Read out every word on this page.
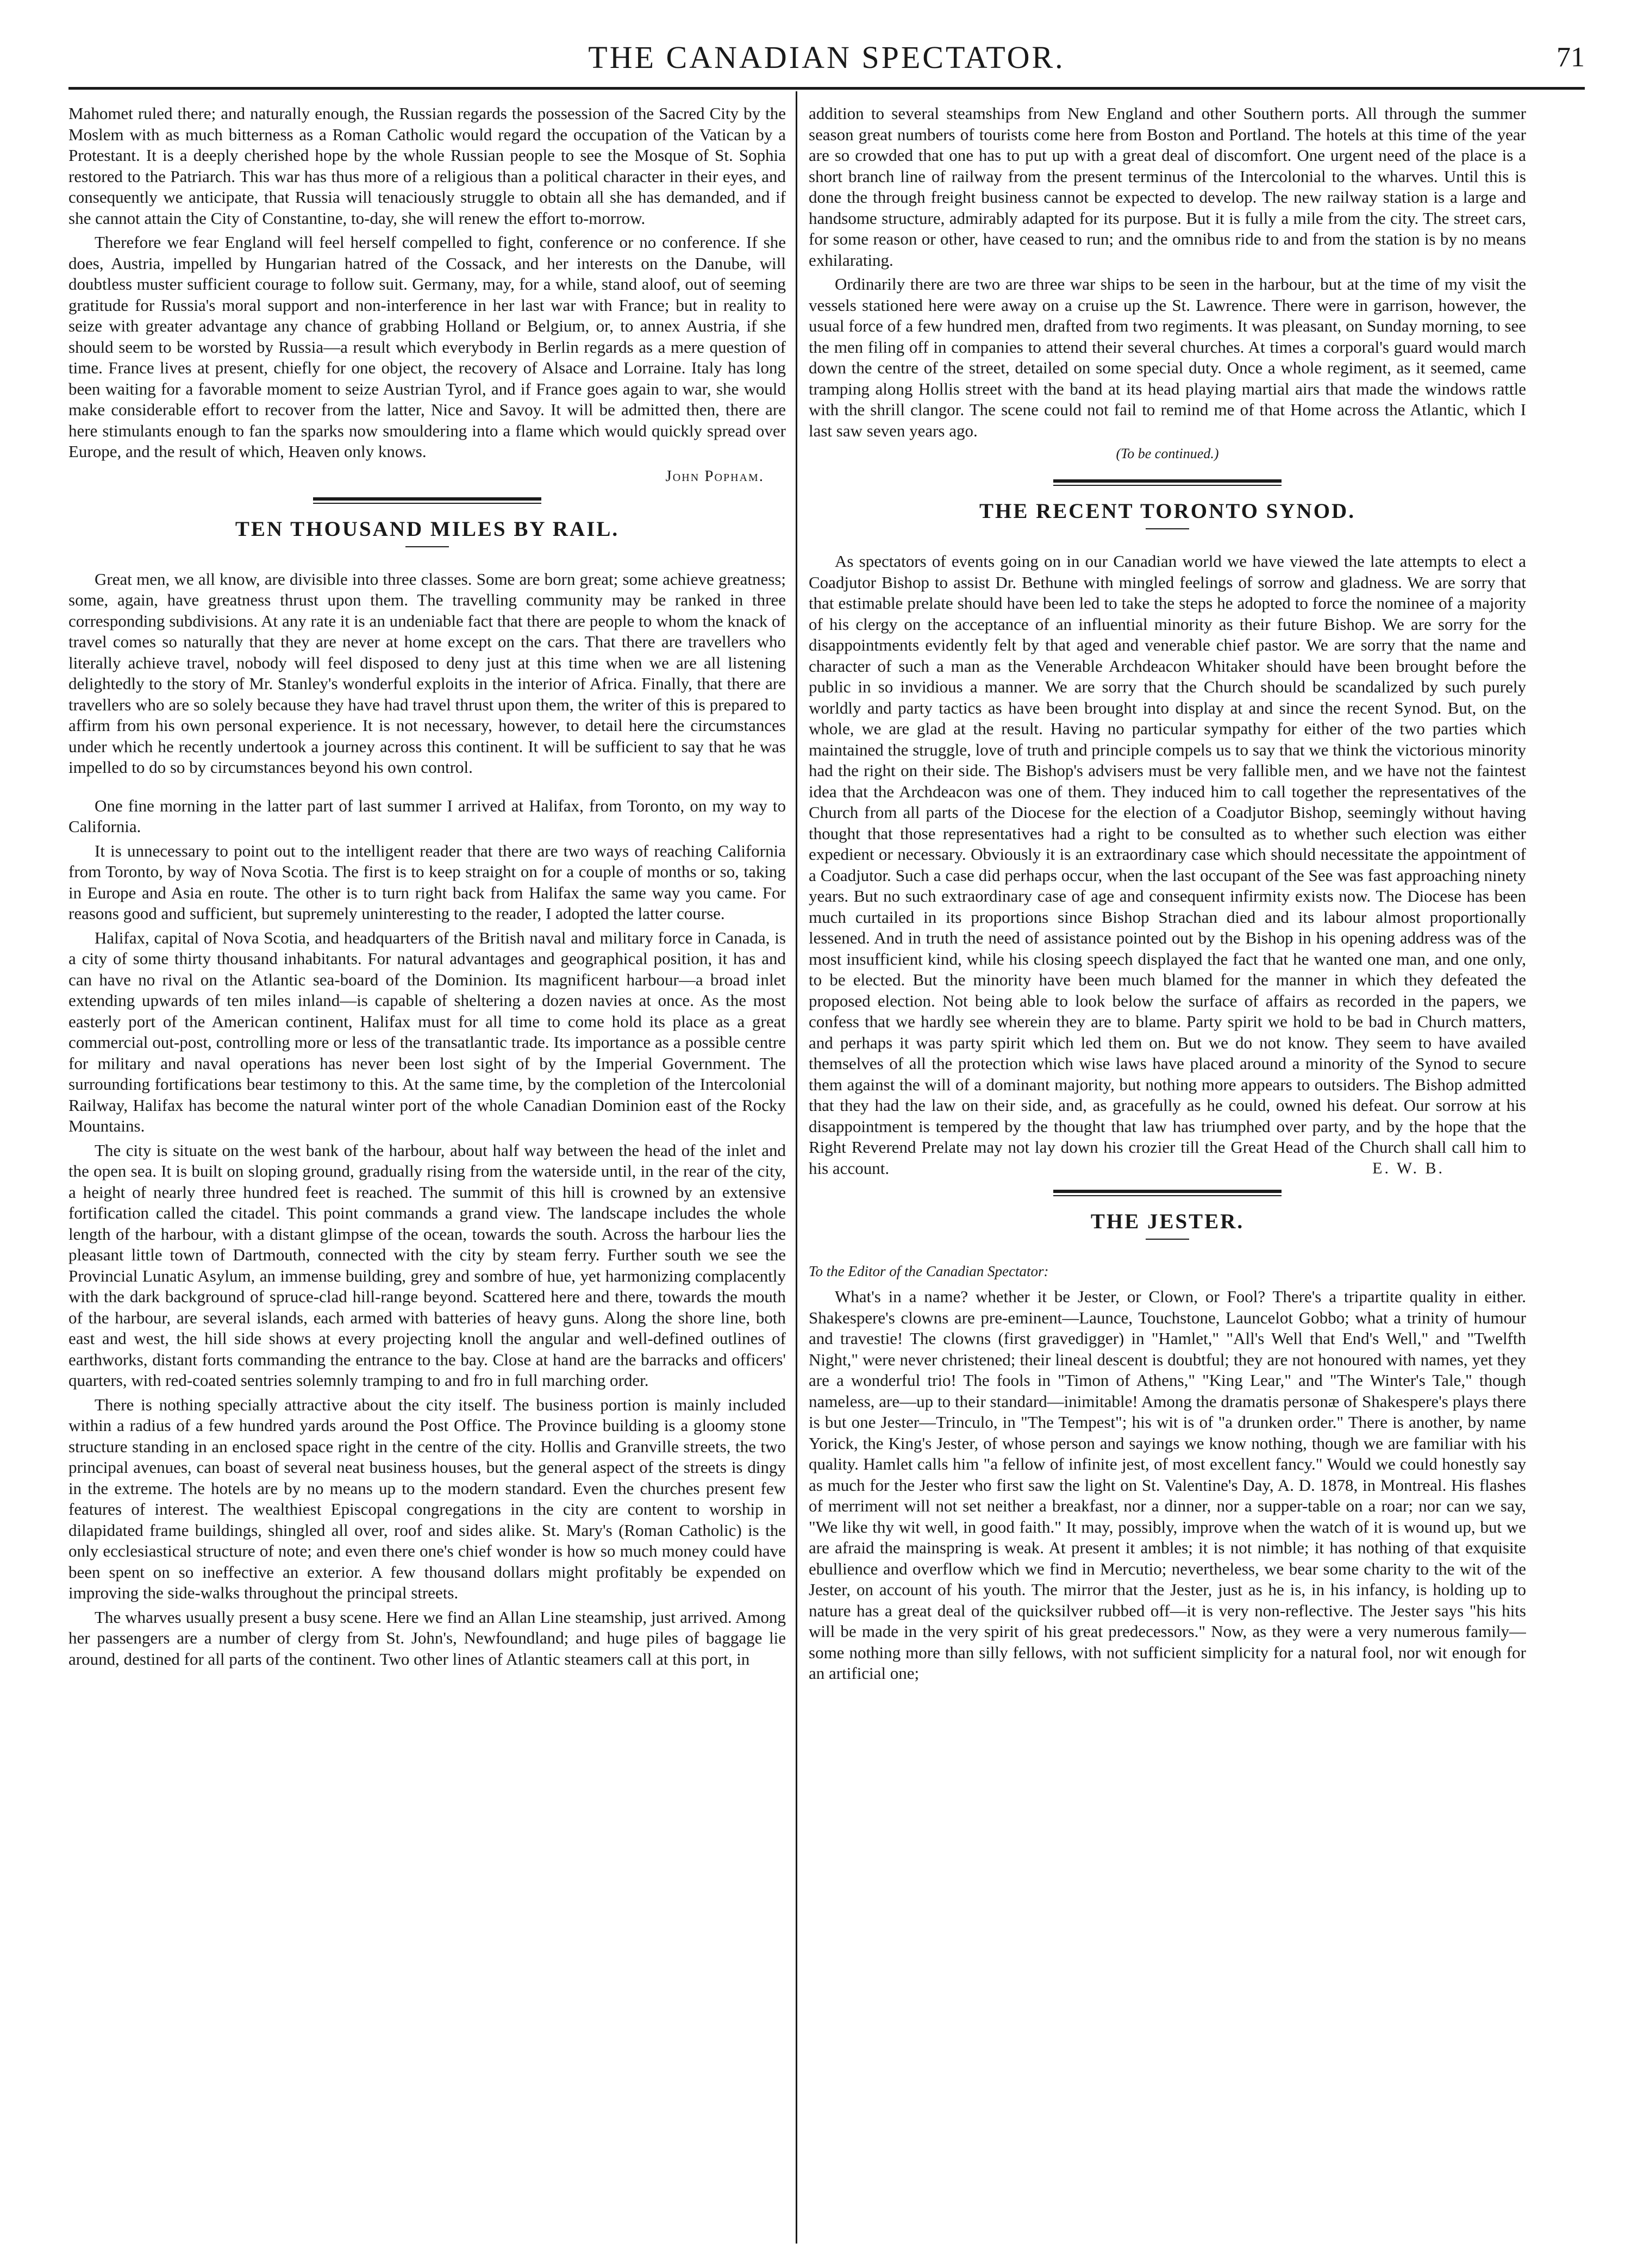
THE CANADIAN SPECTATOR.	71

Mahomet ruled there; and naturally enough, the Russian regards the possession of the Sacred City by the Moslem with as much bitterness as a Roman Catholic would regard the occupation of the Vatican by a Protestant. It is a deeply cherished hope by the whole Russian people to see the Mosque of St. Sophia restored to the Patriarch. This war has thus more of a religious than a political character in their eyes, and consequently we anticipate, that Russia will tenaciously struggle to obtain all she has demanded, and if she cannot attain the City of Constantine, to-day, she will renew the effort to-morrow.

Therefore we fear England will feel herself compelled to fight, conference or no conference. If she does, Austria, impelled by Hungarian hatred of the Cossack, and her interests on the Danube, will doubtless muster sufficient courage to follow suit. Germany, may, for a while, stand aloof, out of seeming gratitude for Russia's moral support and non-interference in her last war with France; but in reality to seize with greater advantage any chance of grabbing Holland or Belgium, or, to annex Austria, if she should seem to be worsted by Russia—a result which everybody in Berlin regards as a mere question of time. France lives at present, chiefly for one object, the recovery of Alsace and Lorraine. Italy has long been waiting for a favorable moment to seize Austrian Tyrol, and if France goes again to war, she would make considerable effort to recover from the latter, Nice and Savoy. It will be admitted then, there are here stimulants enough to fan the sparks now smouldering into a flame which would quickly spread over Europe, and the result of which, Heaven only knows.

John Popham.
TEN THOUSAND MILES BY RAIL.

Great men, we all know, are divisible into three classes. Some are born great; some achieve greatness; some, again, have greatness thrust upon them. The travelling community may be ranked in three corresponding subdivisions. At any rate it is an undeniable fact that there are people to whom the knack of travel comes so naturally that they are never at home except on the cars. That there are travellers who literally achieve travel, nobody will feel disposed to deny just at this time when we are all listening delightedly to the story of Mr. Stanley's wonderful exploits in the interior of Africa. Finally, that there are travellers who are so solely because they have had travel thrust upon them, the writer of this is prepared to affirm from his own personal experience. It is not necessary, however, to detail here the circumstances under which he recently undertook a journey across this continent. It will be sufficient to say that he was impelled to do so by circumstances beyond his own control.

One fine morning in the latter part of last summer I arrived at Halifax, from Toronto, on my way to California.

It is unnecessary to point out to the intelligent reader that there are two ways of reaching California from Toronto, by way of Nova Scotia. The first is to keep straight on for a couple of months or so, taking in Europe and Asia en route. The other is to turn right back from Halifax the same way you came. For reasons good and sufficient, but supremely uninteresting to the reader, I adopted the latter course.

Halifax, capital of Nova Scotia, and headquarters of the British naval and military force in Canada, is a city of some thirty thousand inhabitants. For natural advantages and geographical position, it has and can have no rival on the Atlantic sea-board of the Dominion. Its magnificent harbour—a broad inlet extending upwards of ten miles inland—is capable of sheltering a dozen navies at once. As the most easterly port of the American continent, Halifax must for all time to come hold its place as a great commercial out-post, controlling more or less of the transatlantic trade. Its importance as a possible centre for military and naval operations has never been lost sight of by the Imperial Government. The surrounding fortifications bear testimony to this. At the same time, by the completion of the Intercolonial Railway, Halifax has become the natural winter port of the whole Canadian Dominion east of the Rocky Mountains.

The city is situate on the west bank of the harbour, about half way between the head of the inlet and the open sea. It is built on sloping ground, gradually rising from the waterside until, in the rear of the city, a height of nearly three hundred feet is reached. The summit of this hill is crowned by an extensive fortification called the citadel. This point commands a grand view. The landscape includes the whole length of the harbour, with a distant glimpse of the ocean, towards the south. Across the harbour lies the pleasant little town of Dartmouth, connected with the city by steam ferry. Further south we see the Provincial Lunatic Asylum, an immense building, grey and sombre of hue, yet harmonizing complacently with the dark background of spruce-clad hill-range beyond. Scattered here and there, towards the mouth of the harbour, are several islands, each armed with batteries of heavy guns. Along the shore line, both east and west, the hill side shows at every projecting knoll the angular and well-defined outlines of earthworks, distant forts commanding the entrance to the bay. Close at hand are the barracks and officers' quarters, with red-coated sentries solemnly tramping to and fro in full marching order.

There is nothing specially attractive about the city itself. The business portion is mainly included within a radius of a few hundred yards around the Post Office. The Province building is a gloomy stone structure standing in an enclosed space right in the centre of the city. Hollis and Granville streets, the two principal avenues, can boast of several neat business houses, but the general aspect of the streets is dingy in the extreme. The hotels are by no means up to the modern standard. Even the churches present few features of interest. The wealthiest Episcopal congregations in the city are content to worship in dilapidated frame buildings, shingled all over, roof and sides alike. St. Mary's (Roman Catholic) is the only ecclesiastical structure of note; and even there one's chief wonder is how so much money could have been spent on so ineffective an exterior. A few thousand dollars might profitably be expended on improving the side-walks throughout the principal streets.

The wharves usually present a busy scene. Here we find an Allan Line steamship, just arrived. Among her passengers are a number of clergy from St. John's, Newfoundland; and huge piles of baggage lie around, destined for all parts of the continent. Two other lines of Atlantic steamers call at this port, in

addition to several steamships from New England and other Southern ports. All through the summer season great numbers of tourists come here from Boston and Portland. The hotels at this time of the year are so crowded that one has to put up with a great deal of discomfort. One urgent need of the place is a short branch line of railway from the present terminus of the Intercolonial to the wharves. Until this is done the through freight business cannot be expected to develop. The new railway station is a large and handsome structure, admirably adapted for its purpose. But it is fully a mile from the city. The street cars, for some reason or other, have ceased to run; and the omnibus ride to and from the station is by no means exhilarating.

Ordinarily there are two are three war ships to be seen in the harbour, but at the time of my visit the vessels stationed here were away on a cruise up the St. Lawrence. There were in garrison, however, the usual force of a few hundred men, drafted from two regiments. It was pleasant, on Sunday morning, to see the men filing off in companies to attend their several churches. At times a corporal's guard would march down the centre of the street, detailed on some special duty. Once a whole regiment, as it seemed, came tramping along Hollis street with the band at its head playing martial airs that made the windows rattle with the shrill clangor. The scene could not fail to remind me of that Home across the Atlantic, which I last saw seven years ago.

(To be continued.)
THE RECENT TORONTO SYNOD.

As spectators of events going on in our Canadian world we have viewed the late attempts to elect a Coadjutor Bishop to assist Dr. Bethune with mingled feelings of sorrow and gladness. We are sorry that that estimable prelate should have been led to take the steps he adopted to force the nominee of a majority of his clergy on the acceptance of an influential minority as their future Bishop. We are sorry for the disappointments evidently felt by that aged and venerable chief pastor. We are sorry that the name and character of such a man as the Venerable Archdeacon Whitaker should have been brought before the public in so invidious a manner. We are sorry that the Church should be scandalized by such purely worldly and party tactics as have been brought into display at and since the recent Synod. But, on the whole, we are glad at the result. Having no particular sympathy for either of the two parties which maintained the struggle, love of truth and principle compels us to say that we think the victorious minority had the right on their side. The Bishop's advisers must be very fallible men, and we have not the faintest idea that the Archdeacon was one of them. They induced him to call together the representatives of the Church from all parts of the Diocese for the election of a Coadjutor Bishop, seemingly without having thought that those representatives had a right to be consulted as to whether such election was either expedient or necessary. Obviously it is an extraordinary case which should necessitate the appointment of a Coadjutor. Such a case did perhaps occur, when the last occupant of the See was fast approaching ninety years. But no such extraordinary case of age and consequent infirmity exists now. The Diocese has been much curtailed in its proportions since Bishop Strachan died and its labour almost proportionally lessened. And in truth the need of assistance pointed out by the Bishop in his opening address was of the most insufficient kind, while his closing speech displayed the fact that he wanted one man, and one only, to be elected. But the minority have been much blamed for the manner in which they defeated the proposed election. Not being able to look below the surface of affairs as recorded in the papers, we confess that we hardly see wherein they are to blame. Party spirit we hold to be bad in Church matters, and perhaps it was party spirit which led them on. But we do not know. They seem to have availed themselves of all the protection which wise laws have placed around a minority of the Synod to secure them against the will of a dominant majority, but nothing more appears to outsiders. The Bishop admitted that they had the law on their side, and, as gracefully as he could, owned his defeat. Our sorrow at his disappointment is tempered by the thought that law has triumphed over party, and by the hope that the Right Reverend Prelate may not lay down his crozier till the Great Head of the Church shall call him to his account.	E. W. B.
THE JESTER.
To the Editor of the Canadian Spectator:

What's in a name? whether it be Jester, or Clown, or Fool? There's a tripartite quality in either. Shakespere's clowns are pre-eminent—Launce, Touchstone, Launcelot Gobbo; what a trinity of humour and travestie! The clowns (first gravedigger) in "Hamlet," "All's Well that End's Well," and "Twelfth Night," were never christened; their lineal descent is doubtful; they are not honoured with names, yet they are a wonderful trio! The fools in "Timon of Athens," "King Lear," and "The Winter's Tale," though nameless, are—up to their standard—inimitable! Among the dramatis personæ of Shakespere's plays there is but one Jester—Trinculo, in "The Tempest"; his wit is of "a drunken order." There is another, by name Yorick, the King's Jester, of whose person and sayings we know nothing, though we are familiar with his quality. Hamlet calls him "a fellow of infinite jest, of most excellent fancy." Would we could honestly say as much for the Jester who first saw the light on St. Valentine's Day, A. D. 1878, in Montreal. His flashes of merriment will not set neither a breakfast, nor a dinner, nor a supper-table on a roar; nor can we say, "We like thy wit well, in good faith." It may, possibly, improve when the watch of it is wound up, but we are afraid the mainspring is weak. At present it ambles; it is not nimble; it has nothing of that exquisite ebullience and overflow which we find in Mercutio; nevertheless, we bear some charity to the wit of the Jester, on account of his youth. The mirror that the Jester, just as he is, in his infancy, is holding up to nature has a great deal of the quicksilver rubbed off—it is very non-reflective. The Jester says "his hits will be made in the very spirit of his great predecessors." Now, as they were a very numerous family—some nothing more than silly fellows, with not sufficient simplicity for a natural fool, nor wit enough for an artificial one;
